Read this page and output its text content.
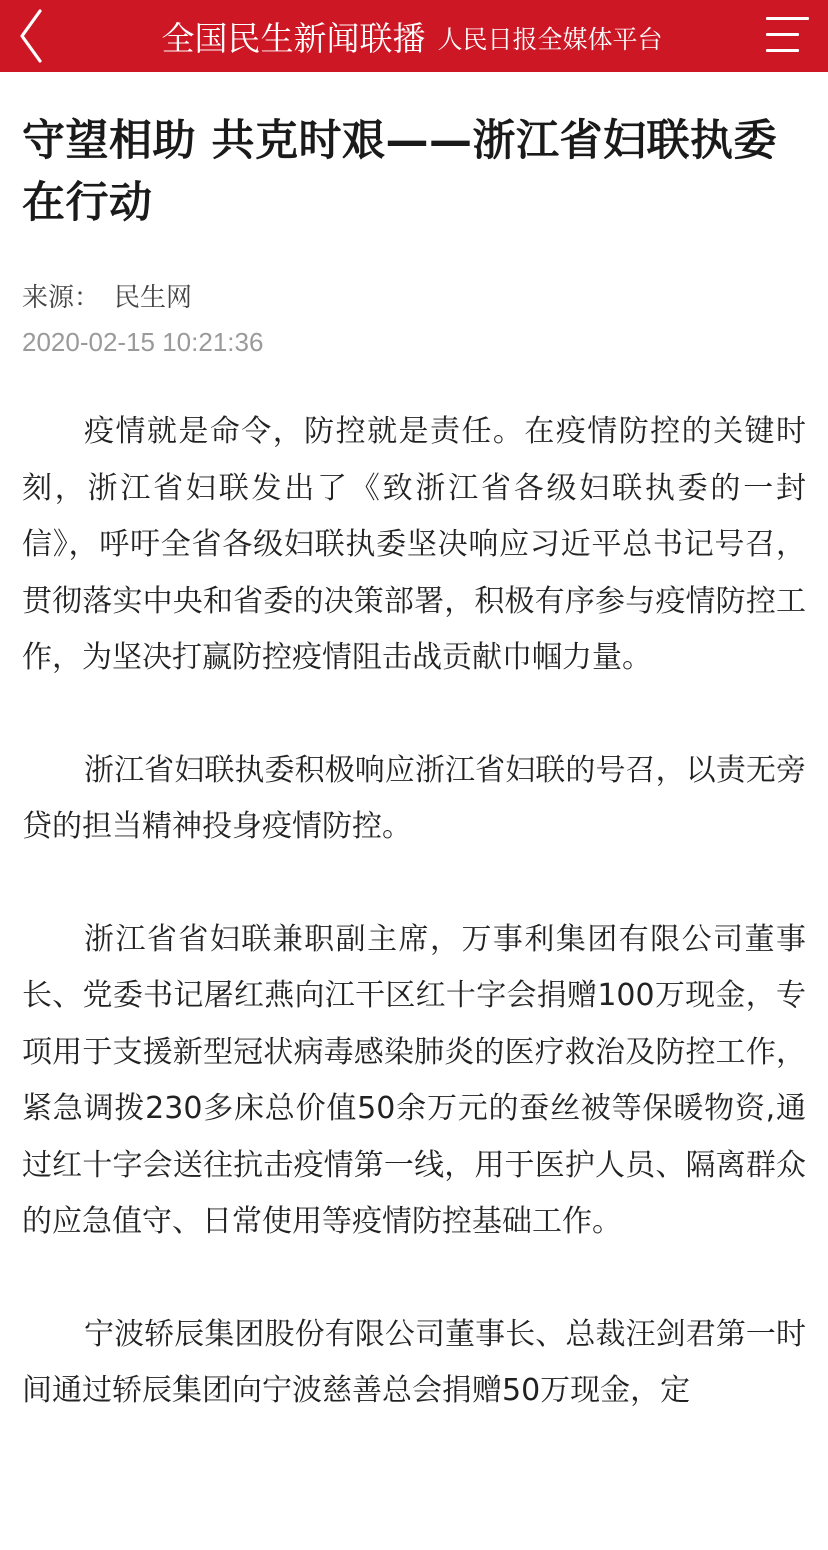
全国民生新闻联播 人民日报全媒体平台
守望相助 共克时艰——浙江省妇联执委在行动
来源： 民生网
2020-02-15 10:21:36

疫情就是命令，防控就是责任。在疫情防控的关键时刻，浙江省妇联发出了《致浙江省各级妇联执委的一封信》，呼吁全省各级妇联执委坚决响应习近平总书记号召，贯彻落实中央和省委的决策部署，积极有序参与疫情防控工作，为坚决打赢防控疫情阻击战贡献巾帼力量。

浙江省妇联执委积极响应浙江省妇联的号召，以责无旁贷的担当精神投身疫情防控。

浙江省省妇联兼职副主席，万事利集团有限公司董事长、党委书记屠红燕向江干区红十字会捐赠100万现金，专项用于支援新型冠状病毒感染肺炎的医疗救治及防控工作，紧急调拨230多床总价值50余万元的蚕丝被等保暖物资,通过红十字会送往抗击疫情第一线，用于医护人员、隔离群众的应急值守、日常使用等疫情防控基础工作。

宁波轿辰集团股份有限公司董事长、总裁汪剑君第一时间通过轿辰集团向宁波慈善总会捐赠50万现金，定
